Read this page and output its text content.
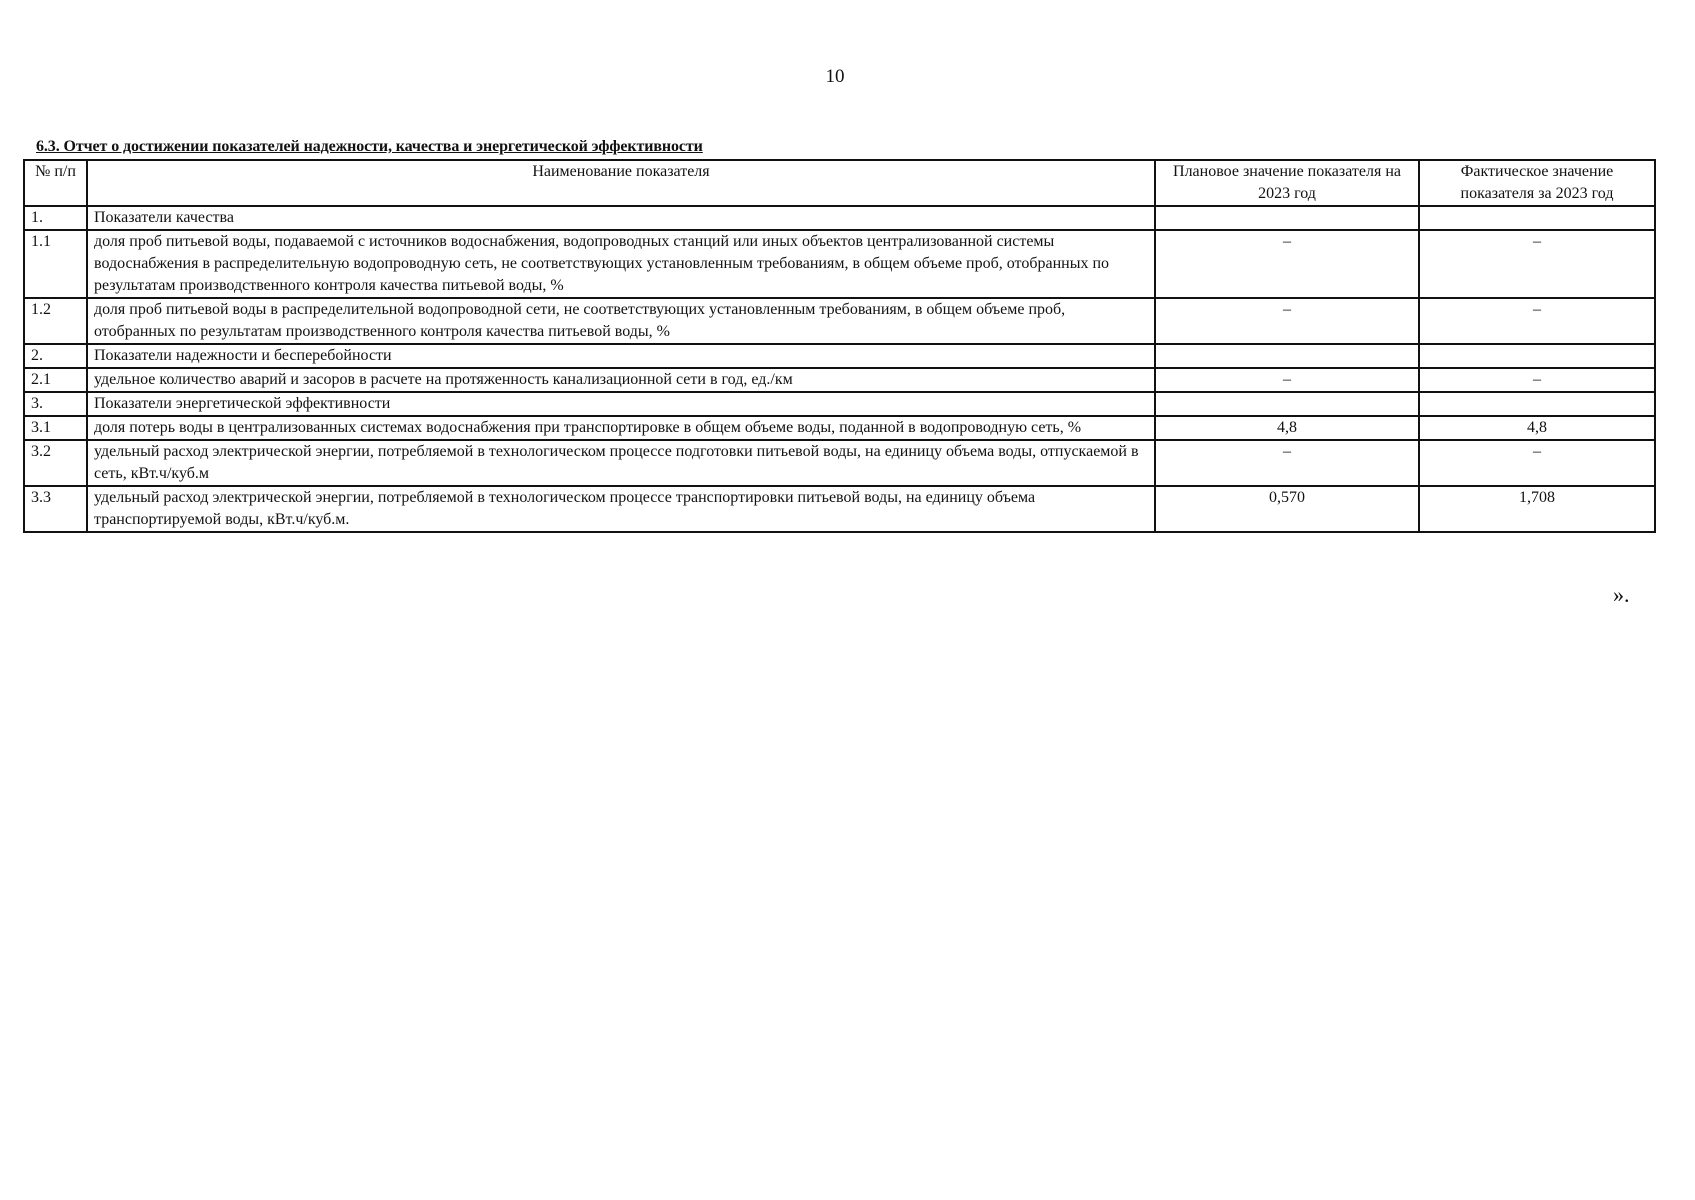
10
6.3. Отчет о достижении показателей надежности, качества и энергетической эффективности
№ п/п	Наименование показателя	Плановое значение показателя на 2023 год	Фактическое значение показателя за 2023 год
1.	Показатели качества		
1.1	доля проб питьевой воды, подаваемой с источников водоснабжения, водопроводных станций или иных объектов централизованной системы водоснабжения в распределительную водопроводную сеть, не соответствующих установленным требованиям, в общем объеме проб, отобранных по результатам производственного контроля качества питьевой воды, %	–	–
1.2	доля проб питьевой воды в распределительной водопроводной сети, не соответствующих установленным требованиям, в общем объеме проб, отобранных по результатам производственного контроля качества питьевой воды, %	–	–
2.	Показатели надежности и бесперебойности		
2.1	удельное количество аварий и засоров в расчете на протяженность канализационной сети в год, ед./км	–	–
3.	Показатели энергетической эффективности		
3.1	доля потерь воды в централизованных системах водоснабжения при транспортировке в общем объеме воды, поданной в водопроводную сеть, %	4,8	4,8
3.2	удельный расход электрической энергии, потребляемой в технологическом процессе подготовки питьевой воды, на единицу объема воды, отпускаемой в сеть, кВт.ч/куб.м	–	–
3.3	удельный расход электрической энергии, потребляемой в технологическом процессе транспортировки питьевой воды, на единицу объема транспортируемой воды, кВт.ч/куб.м.	0,570	1,708
».
